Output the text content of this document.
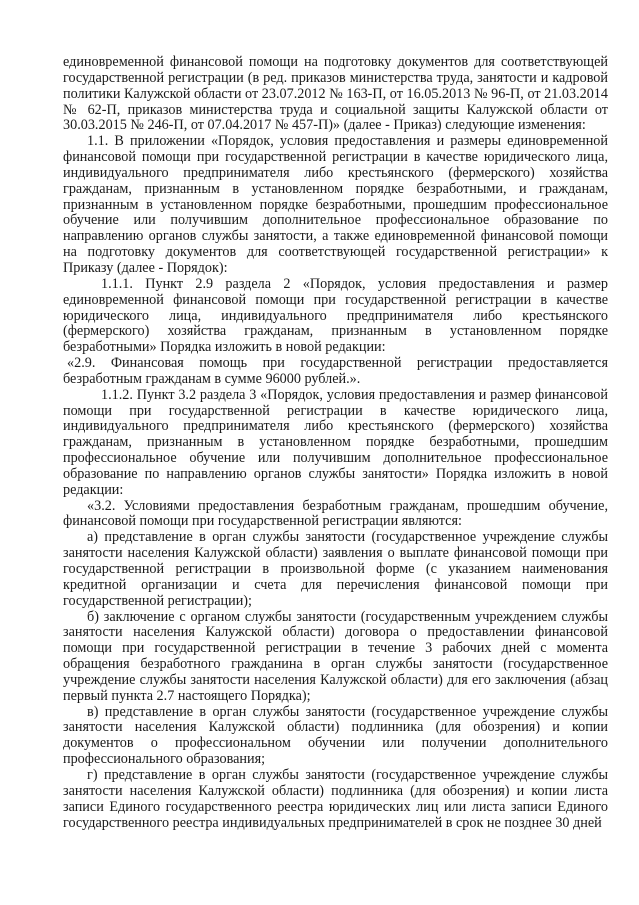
единовременной финансовой помощи на подготовку документов для соответствующей государственной регистрации (в ред. приказов министерства труда, занятости и кадровой политики Калужской области от 23.07.2012 № 163-П, от 16.05.2013 № 96-П, от 21.03.2014 № 62-П, приказов министерства труда и социальной защиты Калужской области от 30.03.2015 № 246-П, от 07.04.2017 № 457-П)» (далее - Приказ) следующие изменения:

1.1. В приложении «Порядок, условия предоставления и размеры единовременной финансовой помощи при государственной регистрации в качестве юридического лица, индивидуального предпринимателя либо крестьянского (фермерского) хозяйства гражданам, признанным в установленном порядке безработными, и гражданам, признанным в установленном порядке безработными, прошедшим профессиональное обучение или получившим дополнительное профессиональное образование по направлению органов службы занятости, а также единовременной финансовой помощи на подготовку документов для соответствующей государственной регистрации» к Приказу (далее - Порядок):

1.1.1. Пункт 2.9 раздела 2 «Порядок, условия предоставления и размер единовременной финансовой помощи при государственной регистрации в качестве юридического лица, индивидуального предпринимателя либо крестьянского (фермерского) хозяйства гражданам, признанным в установленном порядке безработными» Порядка изложить в новой редакции:

«2.9. Финансовая помощь при государственной регистрации предоставляется безработным гражданам в сумме 96000 рублей.».

1.1.2. Пункт 3.2 раздела 3 «Порядок, условия предоставления и размер финансовой помощи при государственной регистрации в качестве юридического лица, индивидуального предпринимателя либо крестьянского (фермерского) хозяйства гражданам, признанным в установленном порядке безработными, прошедшим профессиональное обучение или получившим дополнительное профессиональное образование по направлению органов службы занятости» Порядка изложить в новой редакции:

«3.2. Условиями предоставления безработным гражданам, прошедшим обучение, финансовой помощи при государственной регистрации являются:

а) представление в орган службы занятости (государственное учреждение службы занятости населения Калужской области) заявления о выплате финансовой помощи при государственной регистрации в произвольной форме (с указанием наименования кредитной организации и счета для перечисления финансовой помощи при государственной регистрации);

б) заключение с органом службы занятости (государственным учреждением службы занятости населения Калужской области) договора о предоставлении финансовой помощи при государственной регистрации в течение 3 рабочих дней с момента обращения безработного гражданина в орган службы занятости (государственное учреждение службы занятости населения Калужской области) для его заключения (абзац первый пункта 2.7 настоящего Порядка);

в) представление в орган службы занятости (государственное учреждение службы занятости населения Калужской области) подлинника (для обозрения) и копии документов о профессиональном обучении или получении дополнительного профессионального образования;

г) представление в орган службы занятости (государственное учреждение службы занятости населения Калужской области) подлинника (для обозрения) и копии листа записи Единого государственного реестра юридических лиц или листа записи Единого государственного реестра индивидуальных предпринимателей в срок не позднее 30 дней
